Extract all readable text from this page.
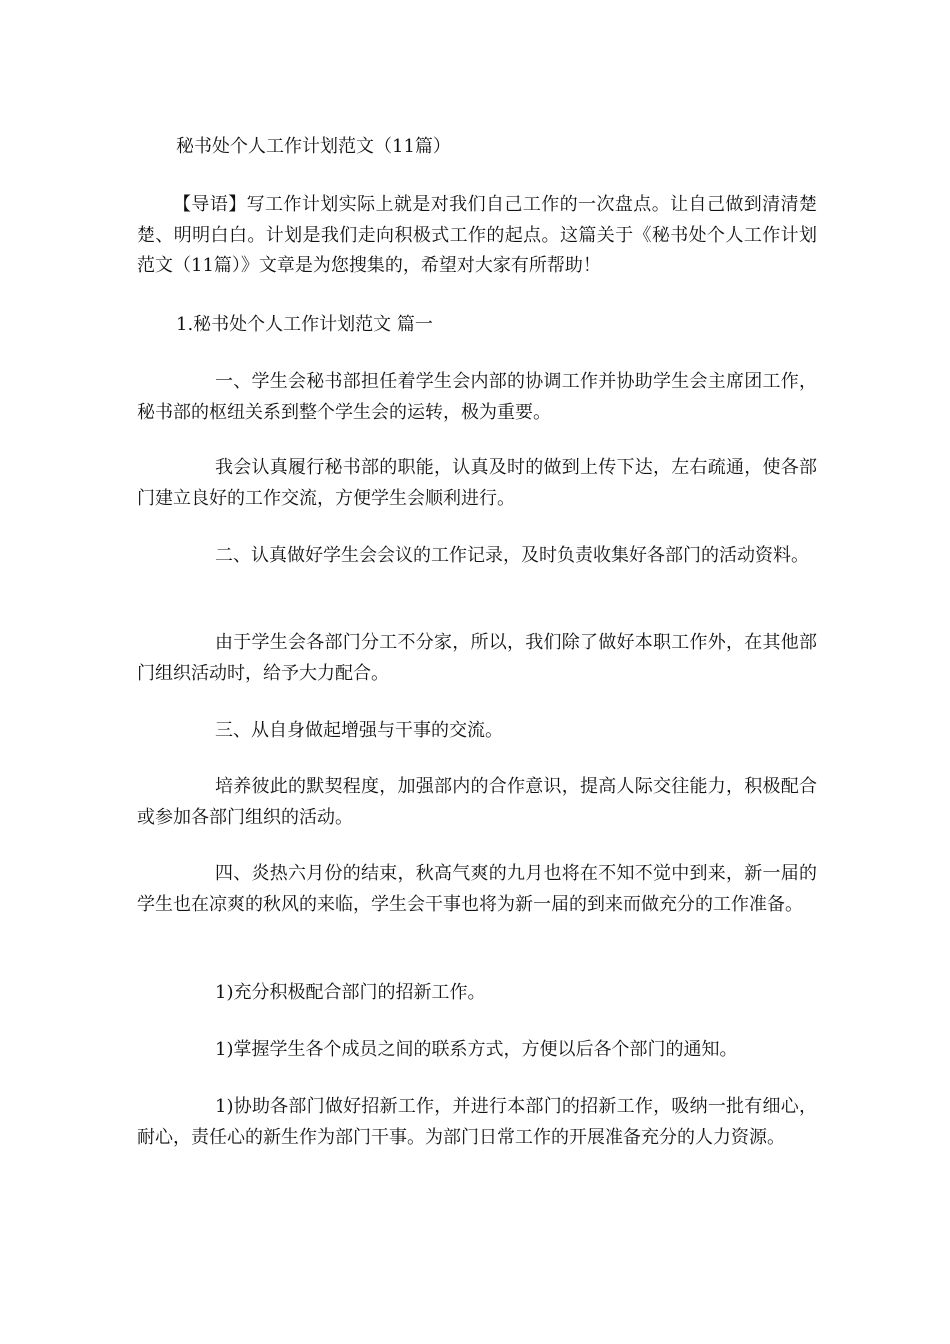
秘书处个人工作计划范文（11篇）

【导语】写工作计划实际上就是对我们自己工作的一次盘点。让自己做到清清楚楚、明明白白。计划是我们走向积极式工作的起点。这篇关于《秘书处个人工作计划范文（11篇）》文章是为您搜集的，希望对大家有所帮助！

1.秘书处个人工作计划范文 篇一

一、学生会秘书部担任着学生会内部的协调工作并协助学生会主席团工作，秘书部的枢纽关系到整个学生会的运转，极为重要。

我会认真履行秘书部的职能，认真及时的做到上传下达，左右疏通，使各部门建立良好的工作交流，方便学生会顺利进行。

二、认真做好学生会会议的工作记录，及时负责收集好各部门的活动资料。

由于学生会各部门分工不分家，所以，我们除了做好本职工作外，在其他部门组织活动时，给予大力配合。

三、从自身做起增强与干事的交流。

培养彼此的默契程度，加强部内的合作意识，提高人际交往能力，积极配合或参加各部门组织的活动。

四、炎热六月份的结束，秋高气爽的九月也将在不知不觉中到来，新一届的学生也在凉爽的秋风的来临，学生会干事也将为新一届的到来而做充分的工作准备。

1)充分积极配合部门的招新工作。

1)掌握学生各个成员之间的联系方式，方便以后各个部门的通知。

1)协助各部门做好招新工作，并进行本部门的招新工作，吸纳一批有细心，耐心，责任心的新生作为部门干事。为部门日常工作的开展准备充分的人力资源。
